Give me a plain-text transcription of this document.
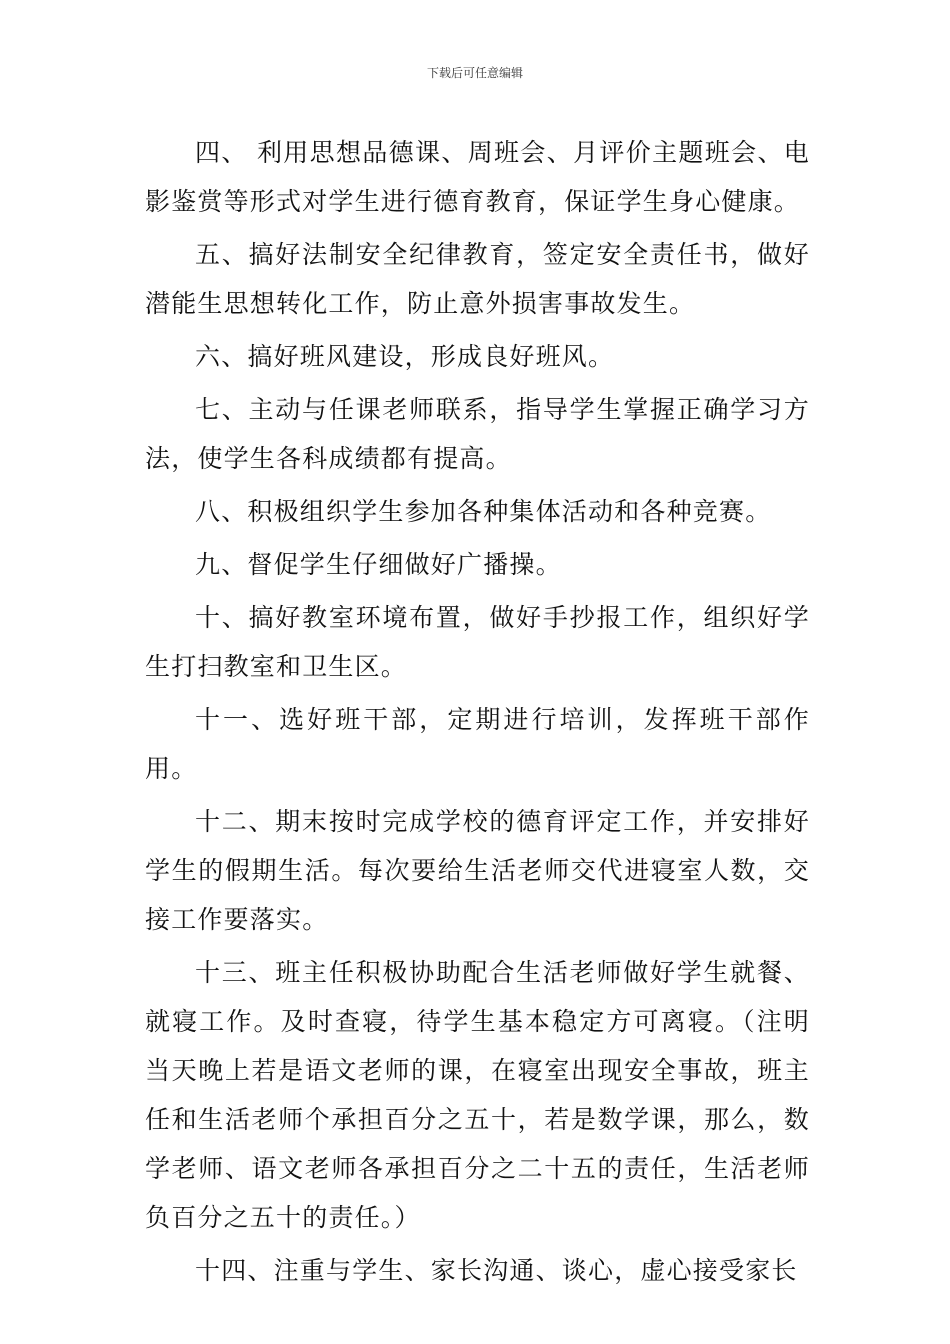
下载后可任意编辑

四、 利用思想品德课、周班会、月评价主题班会、电影鉴赏等形式对学生进行德育教育，保证学生身心健康。

五、搞好法制安全纪律教育，签定安全责任书，做好潜能生思想转化工作，防止意外损害事故发生。

六、搞好班风建设，形成良好班风。

七、主动与任课老师联系，指导学生掌握正确学习方法，使学生各科成绩都有提高。

八、积极组织学生参加各种集体活动和各种竞赛。

九、督促学生仔细做好广播操。

十、搞好教室环境布置，做好手抄报工作，组织好学生打扫教室和卫生区。

十一、选好班干部，定期进行培训，发挥班干部作用。

十二、期末按时完成学校的德育评定工作，并安排好学生的假期生活。每次要给生活老师交代进寝室人数，交接工作要落实。

十三、班主任积极协助配合生活老师做好学生就餐、就寝工作。及时查寝，待学生基本稳定方可离寝。（注明当天晚上若是语文老师的课，在寝室出现安全事故，班主任和生活老师个承担百分之五十，若是数学课，那么，数学老师、语文老师各承担百分之二十五的责任，生活老师负百分之五十的责任。）

十四、注重与学生、家长沟通、谈心，虚心接受家长
